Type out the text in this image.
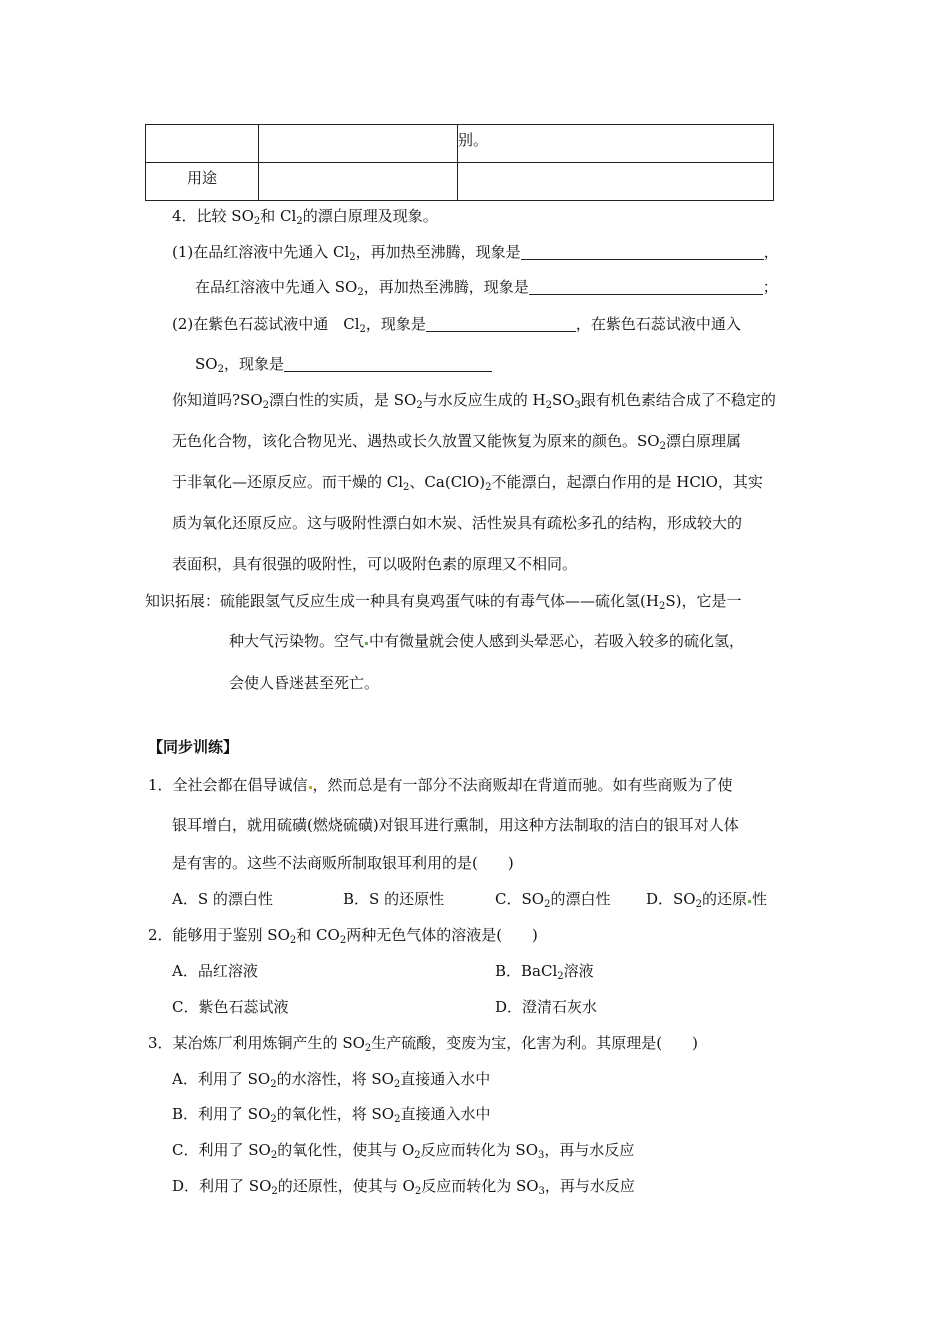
		别。
用途		
4．比较 $SO_2$和 $Cl_2$的漂白原理及现象。
(1)在品红溶液中先通入 $Cl_2$，再加热至沸腾，现象是	，
在品红溶液中先通入 $SO_2$，再加热至沸腾，现象是	；
(2)在紫色石蕊试液中通　$Cl_2$，现象是	，在紫色石蕊试液中通入
$SO_2$，现象是
你知道吗$?SO_2$漂白性的实质，是 $SO_2$与水反应生成的 $H_2SO_3$跟有机色素结合成了不稳定的
无色化合物，该化合物见光、遇热或长久放置又能恢复为原来的颜色。$SO_2$漂白原理属
于非氧化—还原反应。而干燥的 $Cl_2$、$Ca(ClO)_2$不能漂白，起漂白作用的是 HClO，其实
质为氧化还原反应。这与吸附性漂白如木炭、活性炭具有疏松多孔的结构，形成较大的
表面积，具有很强的吸附性，可以吸附色素的原理又不相同。
知识拓展：硫能跟氢气反应生成一种具有臭鸡蛋气味的有毒气体——硫化氢$(H_2S)$，它是一
种大气污染物。空气 中有微量就会使人感到头晕恶心，若吸入较多的硫化氢，
会使人昏迷甚至死亡。
【同步训练】
1．全社会都在倡导诚信 ，然而总是有一部分不法商贩却在背道而驰。如有些商贩为了使
银耳增白，就用硫磺(燃烧硫磺)对银耳进行熏制，用这种方法制取的洁白的银耳对人体
是有害的。这些不法商贩所制取银耳利用的是(　　)
A．S 的漂白性	B．S 的还原性	C．$SO_2$的漂白性 D．$SO_2$的还原 性
2．能够用于鉴别 $SO_2$和 $CO_2$两种无色气体的溶液是(　　)
A．品红溶液	B．BaCl$_2$溶液
C．紫色石蕊试液	D．澄清石灰水
3．某冶炼厂利用炼铜产生的 $SO_2$生产硫酸，变废为宝，化害为利。其原理是(　　)
A．利用了 $SO_2$的水溶性，将 $SO_2$直接通入水中
B．利用了 $SO_2$的氧化性，将 $SO_2$直接通入水中
C．利用了 $SO_2$的氧化性，使其与 $O_2$反应而转化为 $SO_3$，再与水反应
D．利用了 $SO_2$的还原性，使其与 $O_2$反应而转化为 $SO_3$，再与水反应
